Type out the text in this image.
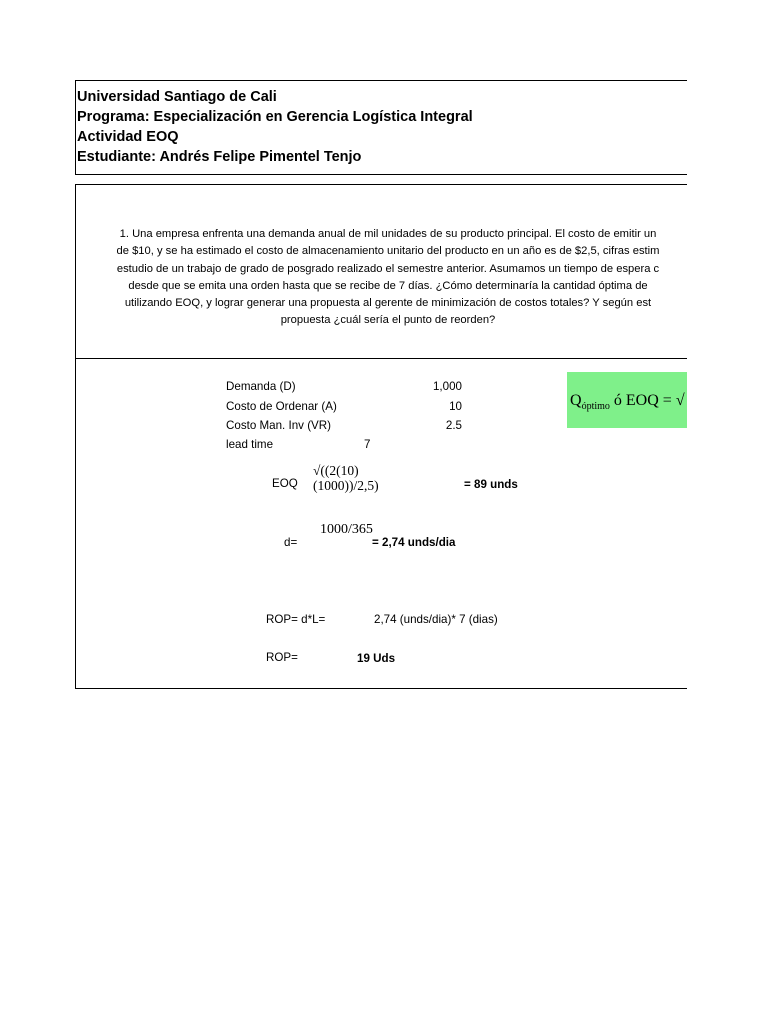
Universidad Santiago de Cali
Programa: Especialización en Gerencia Logística Integral
Actividad EOQ
Estudiante: Andrés Felipe Pimentel Tenjo
1. Una empresa enfrenta una demanda anual de mil unidades de su producto principal. El costo de emitir un
de $10, y se ha estimado el costo de almacenamiento unitario del producto en un año es de $2,5, cifras estim
estudio de un trabajo de grado de posgrado realizado el semestre anterior. Asumamos un tiempo de espera c
desde que se emita una orden hasta que se recibe de 7 días. ¿Cómo determinaría la cantidad óptima de
utilizando EOQ, y lograr generar una propuesta al gerente de minimización de costos totales? Y según est
propuesta ¿cuál sería el punto de reorden?
Demanda (D)	1,000
Costo de Ordenar (A)	10
Costo Man. Inv (VR)	2.5
lead time	7
$Q_{óptimo}$ ó EOQ = √
EOQ
√((2(10)
(1000))/2,5)	= 89 unds
1000/365
d=	= 2,74 unds/dia
ROP= d*L=	2,74 (unds/dia)* 7 (dias)
ROP=	19 Uds
